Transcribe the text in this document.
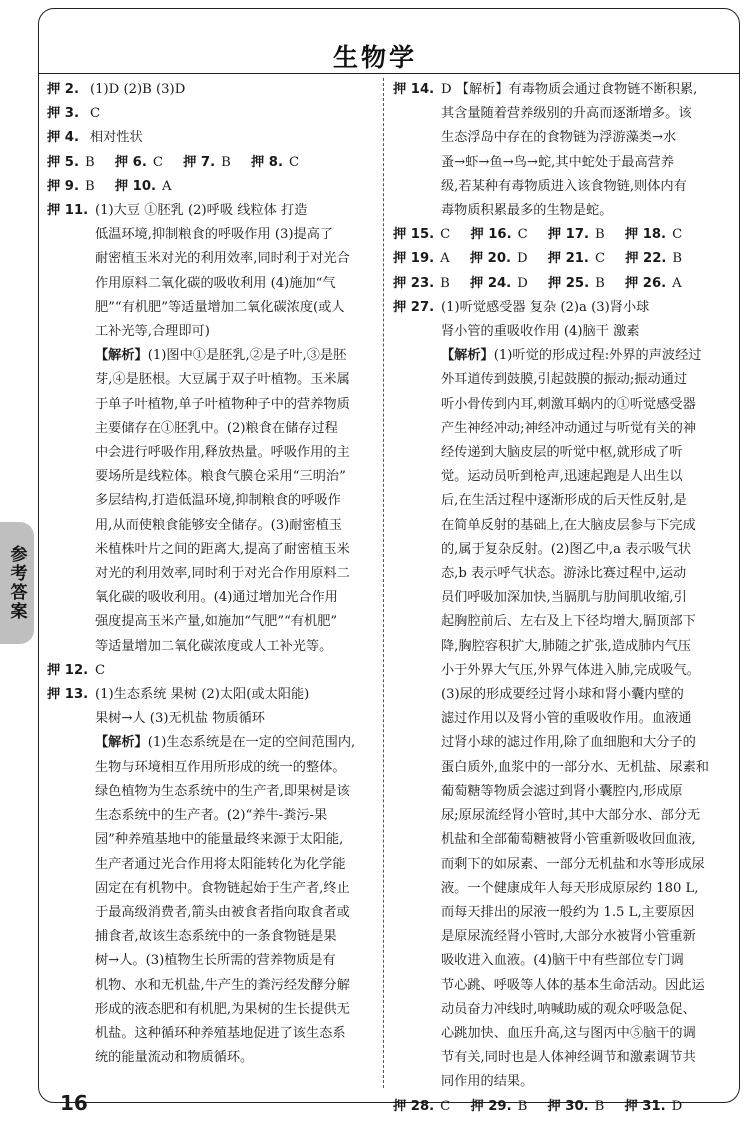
生物学
参考答案
押 2. (1)D (2)B (3)D
押 3. C
押 4. 相对性状
押 5. B 押 6. C 押 7. B 押 8. C
押 9. B 押 10. A
押 11. (1)大豆 ①胚乳 (2)呼吸 线粒体 打造
低温环境,抑制粮食的呼吸作用 (3)提高了
耐密植玉米对光的利用效率,同时利于对光合
作用原料二氧化碳的吸收利用 (4)施加“气
肥”“有机肥”等适量增加二氧化碳浓度(或人
工补光等,合理即可)
【解析】(1)图中①是胚乳,②是子叶,③是胚
芽,④是胚根。大豆属于双子叶植物。玉米属
于单子叶植物,单子叶植物种子中的营养物质
主要储存在①胚乳中。(2)粮食在储存过程
中会进行呼吸作用,释放热量。呼吸作用的主
要场所是线粒体。粮食气膜仓采用“三明治”
多层结构,打造低温环境,抑制粮食的呼吸作
用,从而使粮食能够安全储存。(3)耐密植玉
米植株叶片之间的距离大,提高了耐密植玉米
对光的利用效率,同时利于对光合作用原料二
氧化碳的吸收利用。(4)通过增加光合作用
强度提高玉米产量,如施加“气肥”“有机肥”
等适量增加二氧化碳浓度或人工补光等。
押 12. C
押 13. (1)生态系统 果树 (2)太阳(或太阳能)
果树→人 (3)无机盐 物质循环
【解析】(1)生态系统是在一定的空间范围内,
生物与环境相互作用所形成的统一的整体。
绿色植物为生态系统中的生产者,即果树是该
生态系统中的生产者。(2)“养牛-粪污-果
园”种养殖基地中的能量最终来源于太阳能,
生产者通过光合作用将太阳能转化为化学能
固定在有机物中。食物链起始于生产者,终止
于最高级消费者,箭头由被食者指向取食者或
捕食者,故该生态系统中的一条食物链是果
树→人。(3)植物生长所需的营养物质是有
机物、水和无机盐,牛产生的粪污经发酵分解
形成的液态肥和有机肥,为果树的生长提供无
机盐。这种循环种养殖基地促进了该生态系
统的能量流动和物质循环。
押 14. D 【解析】有毒物质会通过食物链不断积累,
其含量随着营养级别的升高而逐渐增多。该
生态浮岛中存在的食物链为浮游藻类→水
蚤→虾→鱼→鸟→蛇,其中蛇处于最高营养
级,若某种有毒物质进入该食物链,则体内有
毒物质积累最多的生物是蛇。
押 15. C 押 16. C 押 17. B 押 18. C
押 19. A 押 20. D 押 21. C 押 22. B
押 23. B 押 24. D 押 25. B 押 26. A
押 27. (1)听觉感受器 复杂 (2)a (3)肾小球
肾小管的重吸收作用 (4)脑干 激素
【解析】(1)听觉的形成过程:外界的声波经过
外耳道传到鼓膜,引起鼓膜的振动;振动通过
听小骨传到内耳,刺激耳蜗内的①听觉感受器
产生神经冲动;神经冲动通过与听觉有关的神
经传递到大脑皮层的听觉中枢,就形成了听
觉。运动员听到枪声,迅速起跑是人出生以
后,在生活过程中逐渐形成的后天性反射,是
在简单反射的基础上,在大脑皮层参与下完成
的,属于复杂反射。(2)图乙中,a 表示吸气状
态,b 表示呼气状态。游泳比赛过程中,运动
员们呼吸加深加快,当膈肌与肋间肌收缩,引
起胸腔前后、左右及上下径均增大,膈顶部下
降,胸腔容积扩大,肺随之扩张,造成肺内气压
小于外界大气压,外界气体进入肺,完成吸气。
(3)尿的形成要经过肾小球和肾小囊内壁的
滤过作用以及肾小管的重吸收作用。血液通
过肾小球的滤过作用,除了血细胞和大分子的
蛋白质外,血浆中的一部分水、无机盐、尿素和
葡萄糖等物质会滤过到肾小囊腔内,形成原
尿;原尿流经肾小管时,其中大部分水、部分无
机盐和全部葡萄糖被肾小管重新吸收回血液,
而剩下的如尿素、一部分无机盐和水等形成尿
液。一个健康成年人每天形成原尿约 180 L,
而每天排出的尿液一般约为 1.5 L,主要原因
是原尿流经肾小管时,大部分水被肾小管重新
吸收进入血液。(4)脑干中有些部位专门调
节心跳、呼吸等人体的基本生命活动。因此运
动员奋力冲线时,呐喊助威的观众呼吸急促、
心跳加快、血压升高,这与图丙中⑤脑干的调
节有关,同时也是人体神经调节和激素调节共
同作用的结果。
押 28. C 押 29. B 押 30. B 押 31. D
16
